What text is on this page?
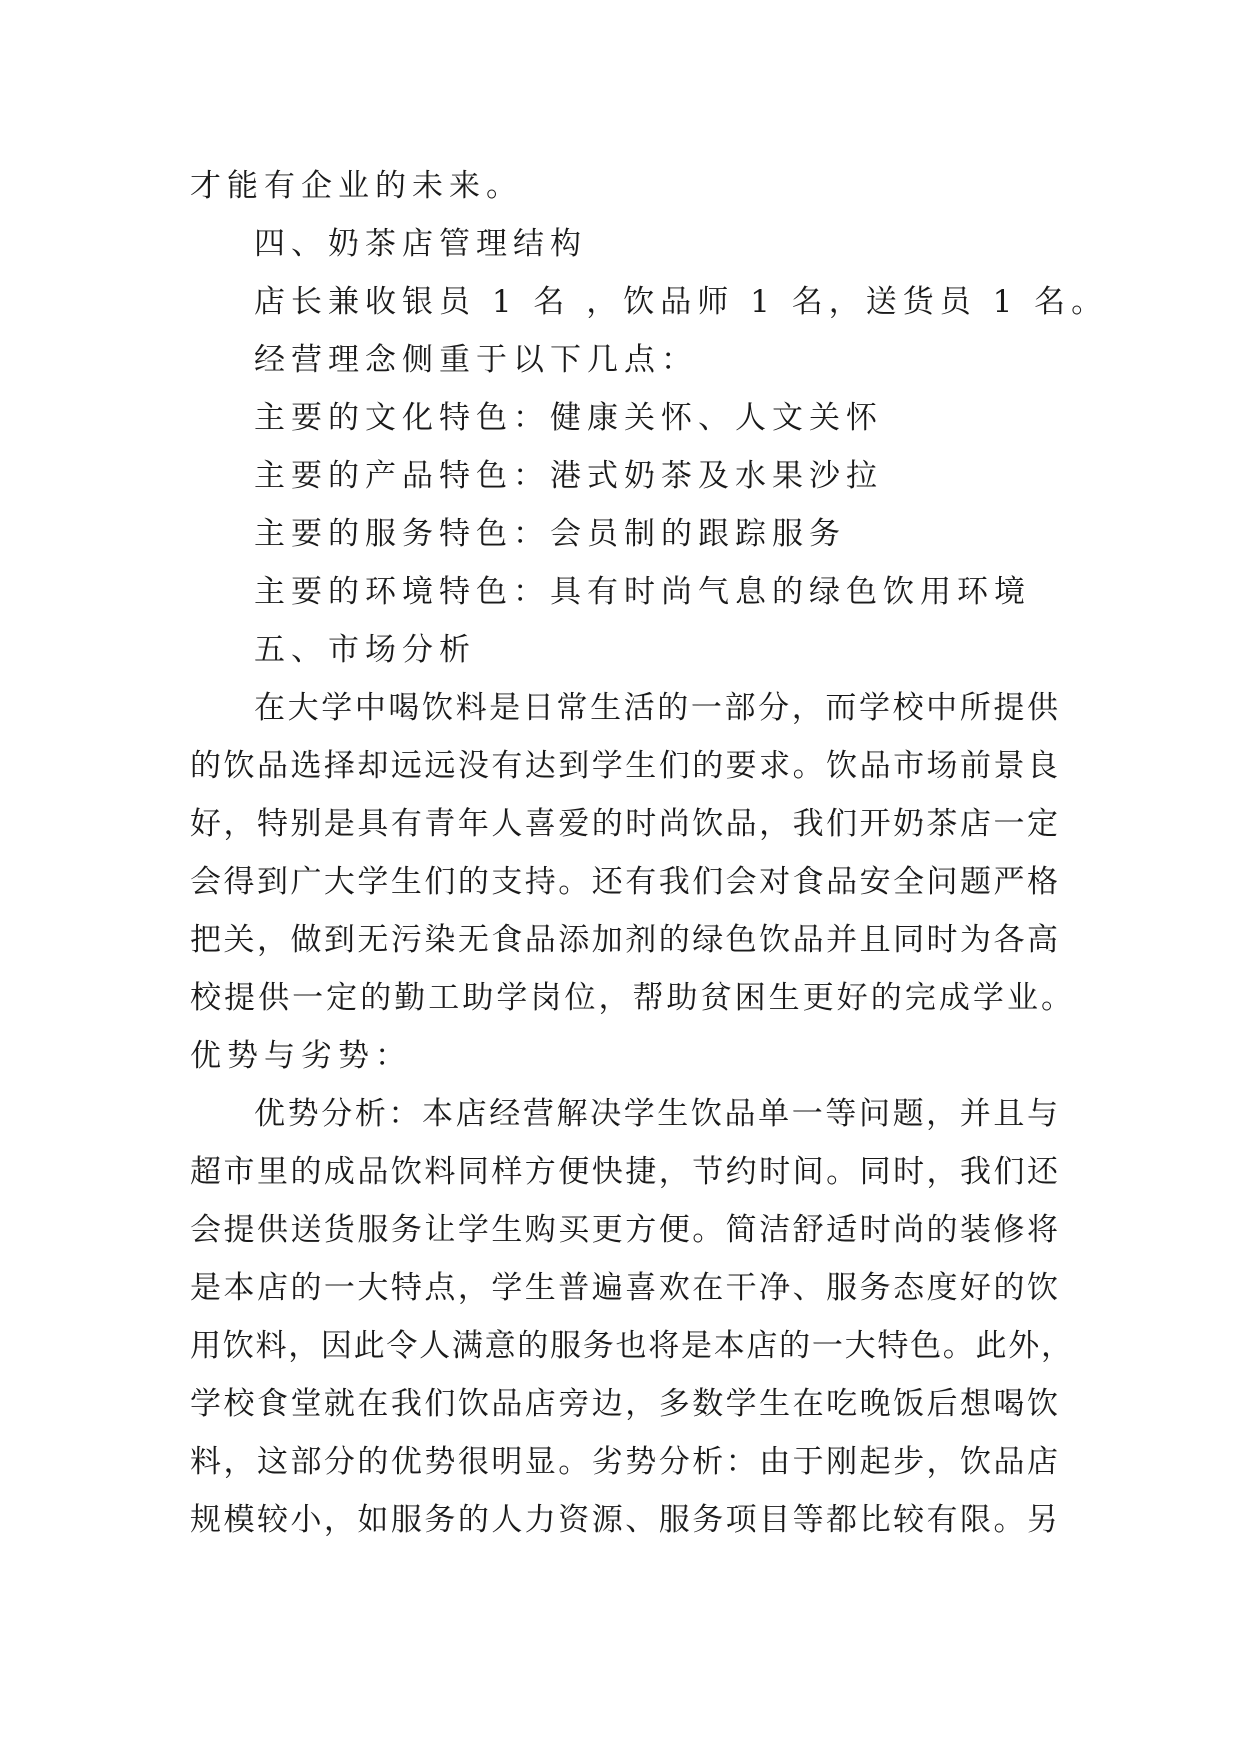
才能有企业的未来。
四、奶茶店管理结构
店长兼收银员 1 名 ，饮品师 1 名，送货员 1 名。
经营理念侧重于以下几点：
主要的文化特色：健康关怀、人文关怀
主要的产品特色：港式奶茶及水果沙拉
主要的服务特色：会员制的跟踪服务
主要的环境特色：具有时尚气息的绿色饮用环境
五、市场分析
在大学中喝饮料是日常生活的一部分，而学校中所提供
的饮品选择却远远没有达到学生们的要求。饮品市场前景良
好，特别是具有青年人喜爱的时尚饮品，我们开奶茶店一定
会得到广大学生们的支持。还有我们会对食品安全问题严格
把关，做到无污染无食品添加剂的绿色饮品并且同时为各高
校提供一定的勤工助学岗位，帮助贫困生更好的完成学业。
优势与劣势：
优势分析：本店经营解决学生饮品单一等问题，并且与
超市里的成品饮料同样方便快捷，节约时间。同时，我们还
会提供送货服务让学生购买更方便。简洁舒适时尚的装修将
是本店的一大特点，学生普遍喜欢在干净、服务态度好的饮
用饮料，因此令人满意的服务也将是本店的一大特色。此外，
学校食堂就在我们饮品店旁边，多数学生在吃晚饭后想喝饮
料，这部分的优势很明显。劣势分析：由于刚起步，饮品店
规模较小，如服务的人力资源、服务项目等都比较有限。另
